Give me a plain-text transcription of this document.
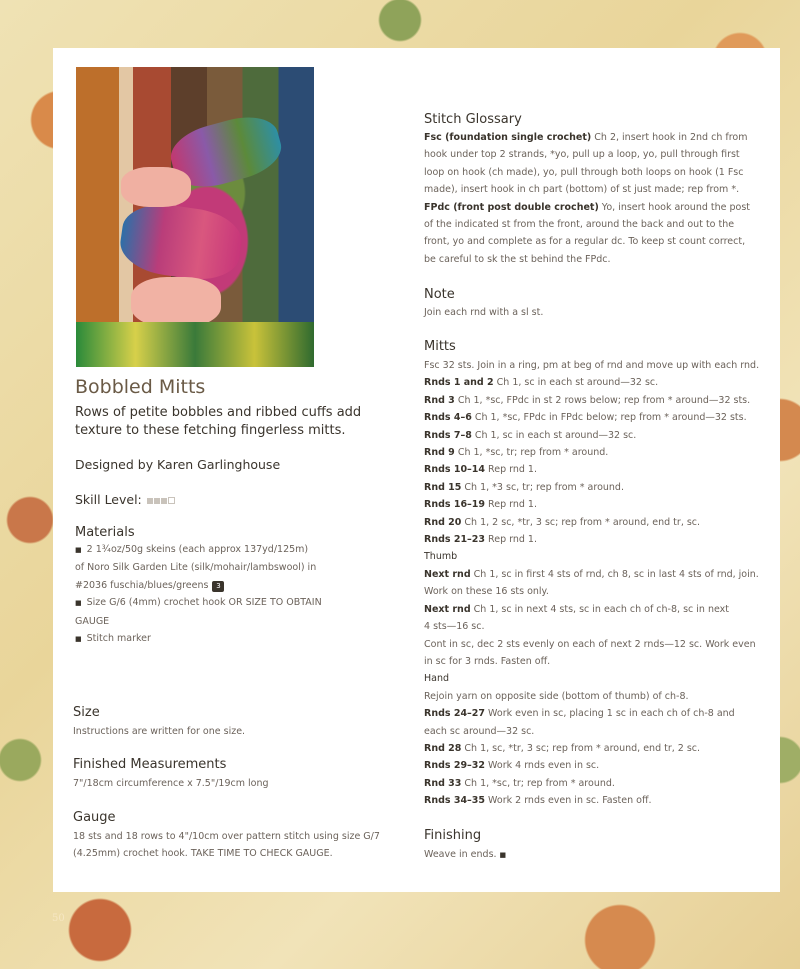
Bobbled Mitts
Rows of petite bobbles and ribbed cuffs add texture to these fetching fingerless mitts.
Designed by Karen Garlinghouse
Skill Level:
Materials
■ 2 1¾oz/50g skeins (each approx 137yd/125m)
of Noro Silk Garden Lite (silk/mohair/lambswool) in
#2036 fuschia/blues/greens 3
■ Size G/6 (4mm) crochet hook OR SIZE TO OBTAIN
GAUGE
■ Stitch marker
Size
Instructions are written for one size.
Finished Measurements
7"/18cm circumference x 7.5"/19cm long
Gauge
18 sts and 18 rows to 4"/10cm over pattern stitch using size G/7
(4.25mm) crochet hook. TAKE TIME TO CHECK GAUGE.
Stitch Glossary
Fsc (foundation single crochet) Ch 2, insert hook in 2nd ch from
hook under top 2 strands, *yo, pull up a loop, yo, pull through first
loop on hook (ch made), yo, pull through both loops on hook (1 Fsc
made), insert hook in ch part (bottom) of st just made; rep from *.
FPdc (front post double crochet) Yo, insert hook around the post
of the indicated st from the front, around the back and out to the
front, yo and complete as for a regular dc. To keep st count correct,
be careful to sk the st behind the FPdc.
Note
Join each rnd with a sl st.
Mitts
Fsc 32 sts. Join in a ring, pm at beg of rnd and move up with each rnd.
Rnds 1 and 2 Ch 1, sc in each st around—32 sc.
Rnd 3 Ch 1, *sc, FPdc in st 2 rows below; rep from * around—32 sts.
Rnds 4–6 Ch 1, *sc, FPdc in FPdc below; rep from * around—32 sts.
Rnds 7–8 Ch 1, sc in each st around—32 sc.
Rnd 9 Ch 1, *sc, tr; rep from * around.
Rnds 10–14 Rep rnd 1.
Rnd 15 Ch 1, *3 sc, tr; rep from * around.
Rnds 16–19 Rep rnd 1.
Rnd 20 Ch 1, 2 sc, *tr, 3 sc; rep from * around, end tr, sc.
Rnds 21–23 Rep rnd 1.
Thumb
Next rnd Ch 1, sc in first 4 sts of rnd, ch 8, sc in last 4 sts of rnd, join.
Work on these 16 sts only.
Next rnd Ch 1, sc in next 4 sts, sc in each ch of ch-8, sc in next
4 sts—16 sc.
Cont in sc, dec 2 sts evenly on each of next 2 rnds—12 sc. Work even
in sc for 3 rnds. Fasten off.
Hand
Rejoin yarn on opposite side (bottom of thumb) of ch-8.
Rnds 24–27 Work even in sc, placing 1 sc in each ch of ch-8 and
each sc around—32 sc.
Rnd 28 Ch 1, sc, *tr, 3 sc; rep from * around, end tr, 2 sc.
Rnds 29–32 Work 4 rnds even in sc.
Rnd 33 Ch 1, *sc, tr; rep from * around.
Rnds 34–35 Work 2 rnds even in sc. Fasten off.
Finishing
Weave in ends. ■
50
